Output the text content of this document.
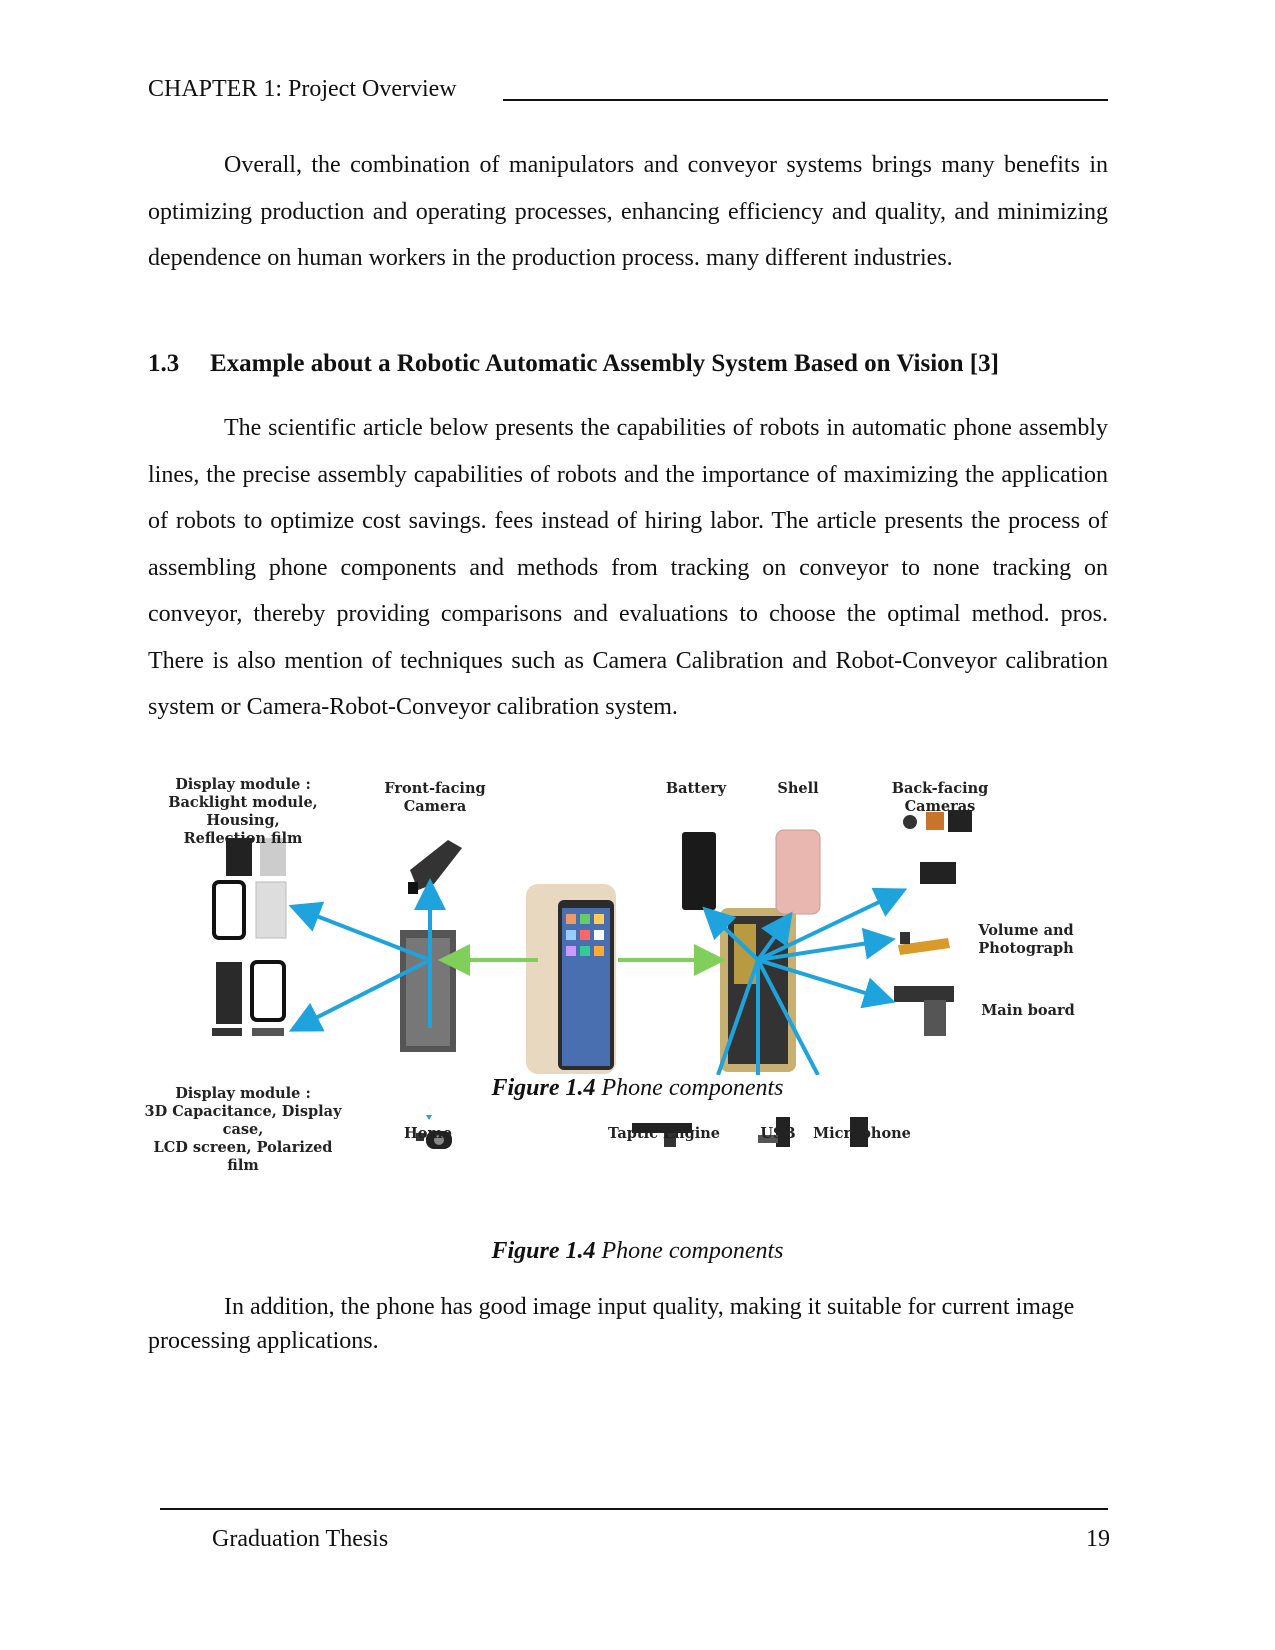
CHAPTER 1: Project Overview

Overall, the combination of manipulators and conveyor systems brings many benefits in optimizing production and operating processes, enhancing efficiency and quality, and minimizing dependence on human workers in the production process. many different industries.

1.3 Example about a Robotic Automatic Assembly System Based on Vision [3]

The scientific article below presents the capabilities of robots in automatic phone assembly lines, the precise assembly capabilities of robots and the importance of maximizing the application of robots to optimize cost savings. fees instead of hiring labor. The article presents the process of assembling phone components and methods from tracking on conveyor to none tracking on conveyor, thereby providing comparisons and evaluations to choose the optimal method. pros. There is also mention of techniques such as Camera Calibration and Robot-Conveyor calibration system or Camera-Robot-Conveyor calibration system.

Display module :
Backlight module, Housing,
Reflection film
Front-facing
Camera
Battery	Shell	Back-facing Cameras
Volume and
Photograph
Main board
Figure 1.4 Phone components
Display module :
3D Capacitance, Display case,
LCD screen, Polarized film
Home	Taptic Engine	USB	Microphone
Figure 1.4 Phone components

In addition, the phone has good image input quality, making it suitable for current image processing applications.

Graduation Thesis	19
